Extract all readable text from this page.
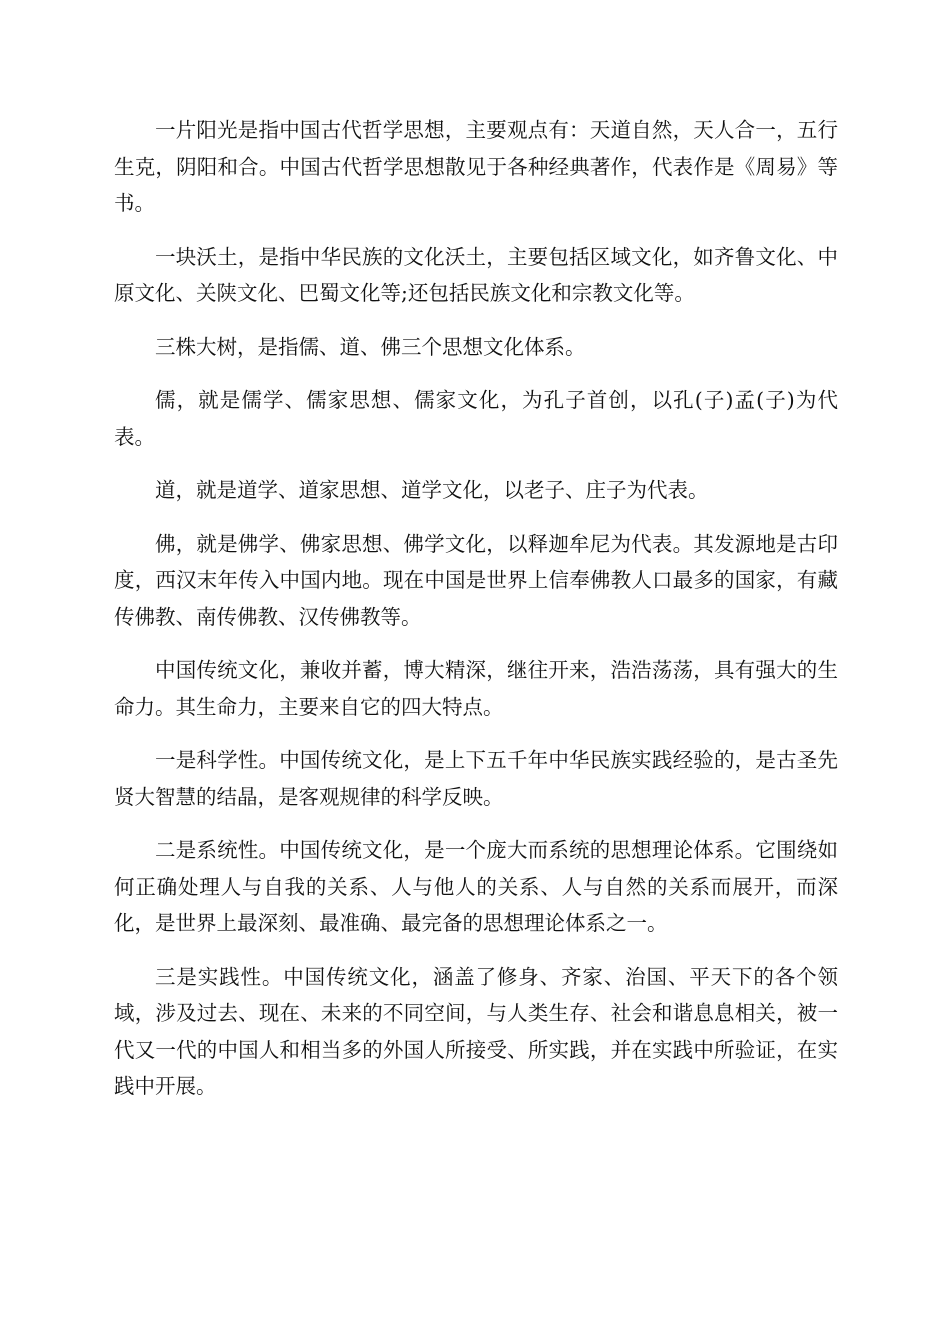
一片阳光是指中国古代哲学思想，主要观点有：天道自然，天人合一，五行生克，阴阳和合。中国古代哲学思想散见于各种经典著作，代表作是《周易》等书。

一块沃土，是指中华民族的文化沃土，主要包括区域文化，如齐鲁文化、中原文化、关陕文化、巴蜀文化等;还包括民族文化和宗教文化等。

三株大树，是指儒、道、佛三个思想文化体系。

儒，就是儒学、儒家思想、儒家文化，为孔子首创，以孔(子)孟(子)为代表。

道，就是道学、道家思想、道学文化，以老子、庄子为代表。

佛，就是佛学、佛家思想、佛学文化，以释迦牟尼为代表。其发源地是古印度，西汉末年传入中国内地。现在中国是世界上信奉佛教人口最多的国家，有藏传佛教、南传佛教、汉传佛教等。

中国传统文化，兼收并蓄，博大精深，继往开来，浩浩荡荡，具有强大的生命力。其生命力，主要来自它的四大特点。

一是科学性。中国传统文化，是上下五千年中华民族实践经验的，是古圣先贤大智慧的结晶，是客观规律的科学反映。

二是系统性。中国传统文化，是一个庞大而系统的思想理论体系。它围绕如何正确处理人与自我的关系、人与他人的关系、人与自然的关系而展开，而深化，是世界上最深刻、最准确、最完备的思想理论体系之一。

三是实践性。中国传统文化，涵盖了修身、齐家、治国、平天下的各个领域，涉及过去、现在、未来的不同空间，与人类生存、社会和谐息息相关，被一代又一代的中国人和相当多的外国人所接受、所实践，并在实践中所验证，在实践中开展。
